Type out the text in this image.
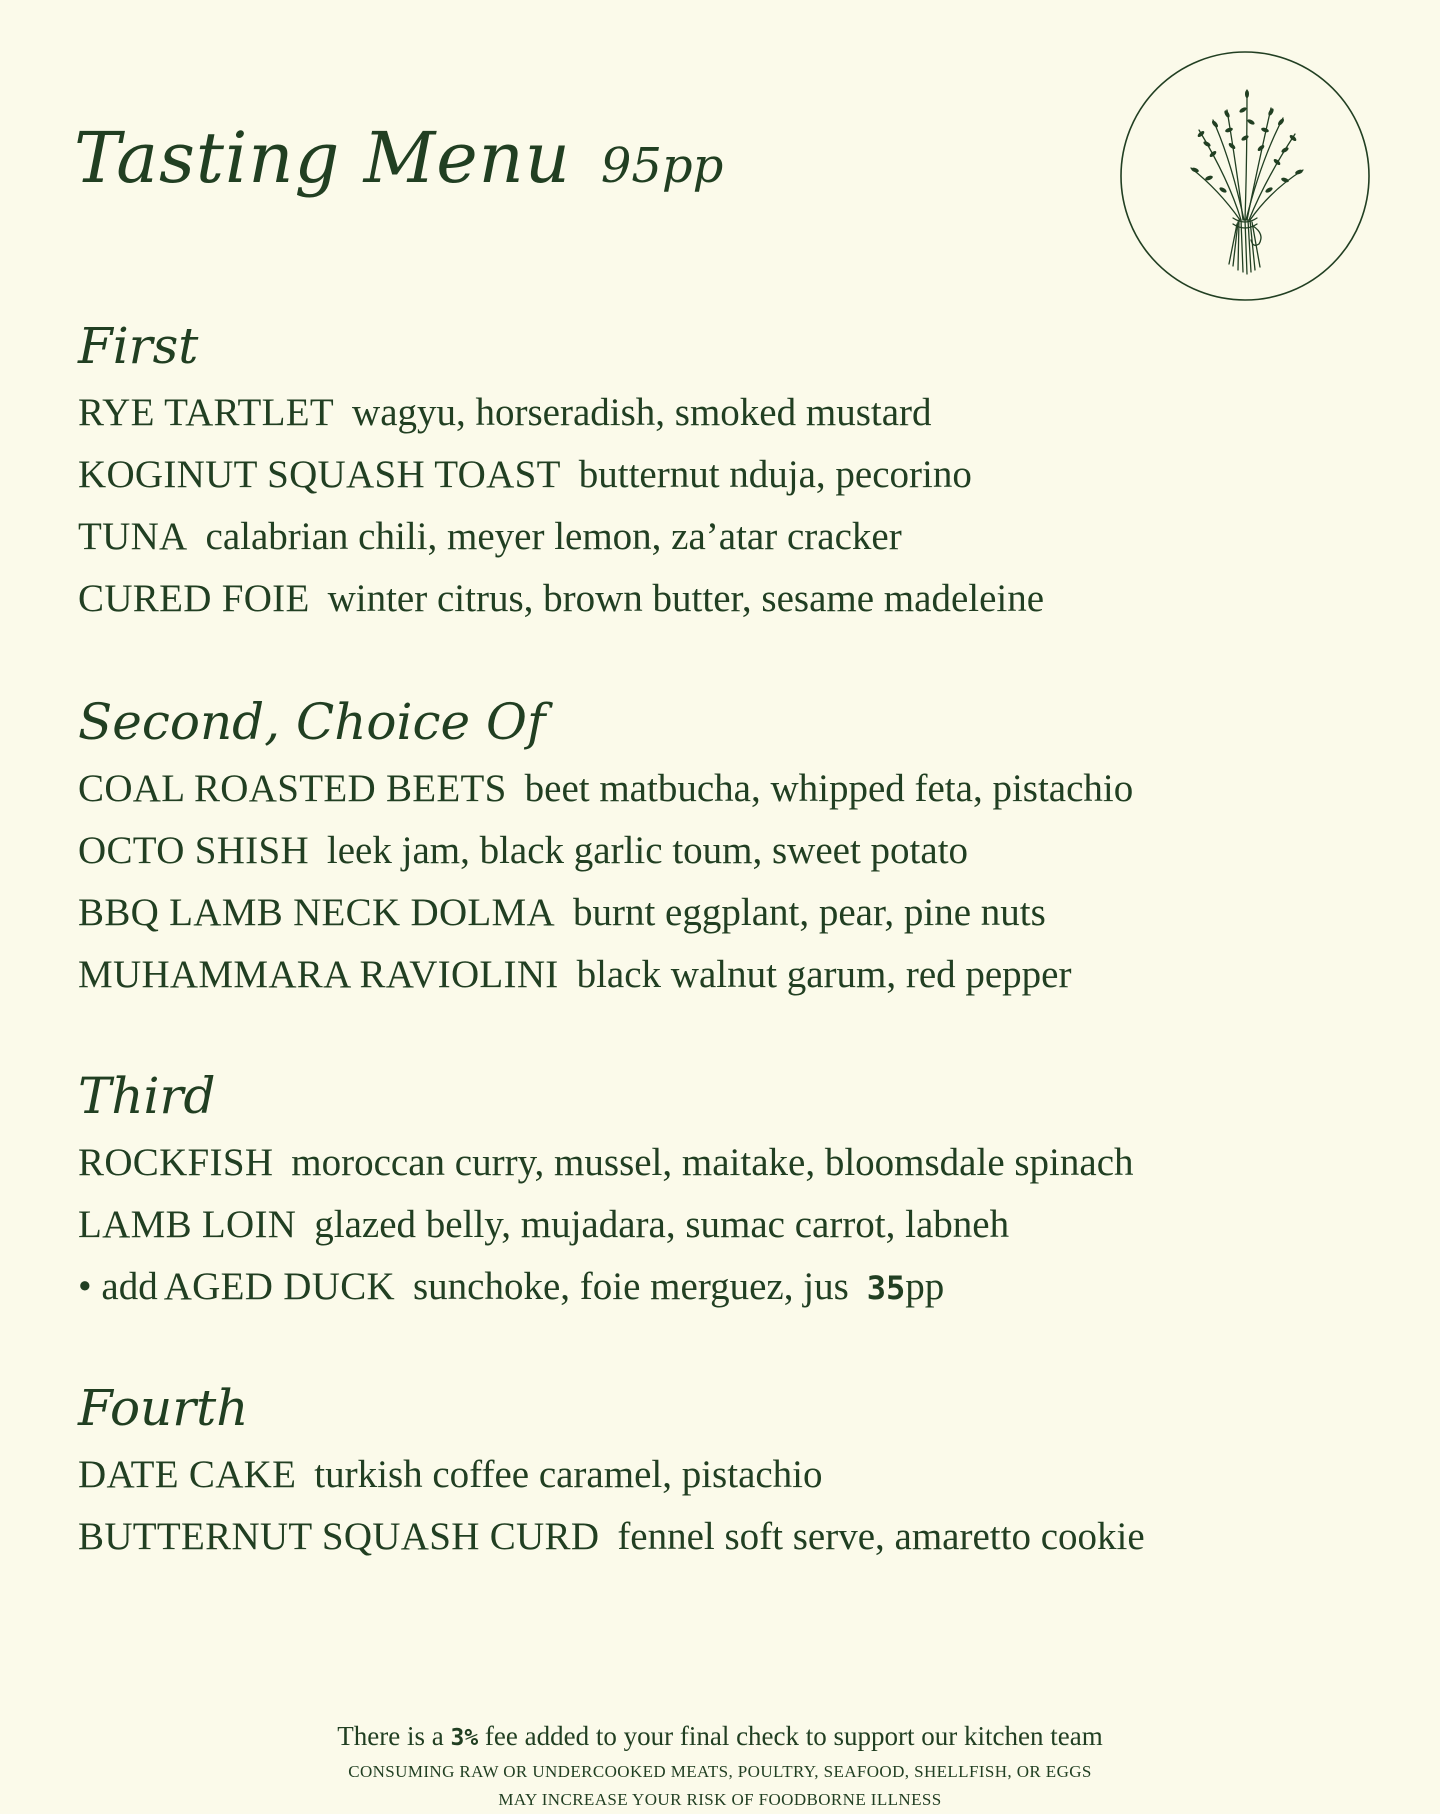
Tasting Menu 95pp
First
RYE TARTLET wagyu, horseradish, smoked mustard
KOGINUT SQUASH TOAST butternut nduja, pecorino
TUNA calabrian chili, meyer lemon, za’atar cracker
CURED FOIE winter citrus, brown butter, sesame madeleine
Second, Choice Of
COAL ROASTED BEETS beet matbucha, whipped feta, pistachio
OCTO SHISH leek jam, black garlic toum, sweet potato
BBQ LAMB NECK DOLMA burnt eggplant, pear, pine nuts
MUHAMMARA RAVIOLINI black walnut garum, red pepper
Third
ROCKFISH moroccan curry, mussel, maitake, bloomsdale spinach
LAMB LOIN glazed belly, mujadara, sumac carrot, labneh
• add AGED DUCK sunchoke, foie merguez, jus 35pp
Fourth
DATE CAKE turkish coffee caramel, pistachio
BUTTERNUT SQUASH CURD fennel soft serve, amaretto cookie
There is a 3% fee added to your final check to support our kitchen team
CONSUMING RAW OR UNDERCOOKED MEATS, POULTRY, SEAFOOD, SHELLFISH, OR EGGS
MAY INCREASE YOUR RISK OF FOODBORNE ILLNESS
